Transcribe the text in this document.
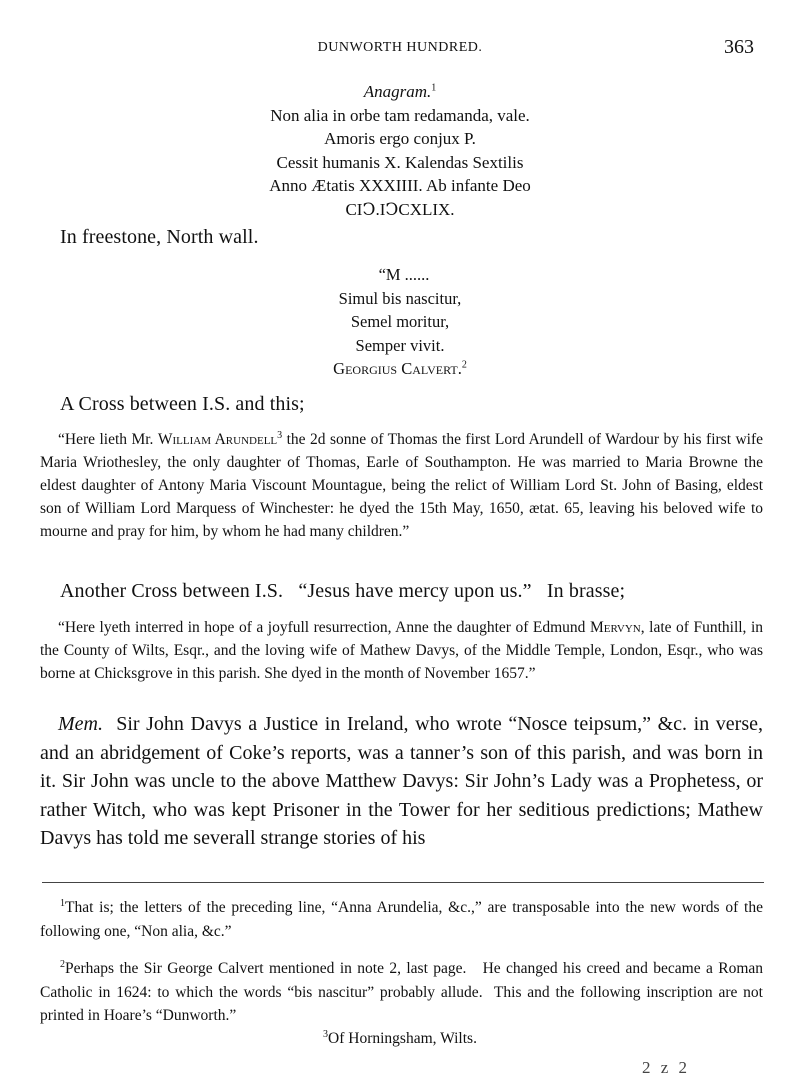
DUNWORTH HUNDRED.	363
Anagram.$^1$
Non alia in orbe tam redamanda, vale.
Amoris ergo conjux P.
Cessit humanis X. Kalendas Sextilis
Anno Ætatis XXXIIII. Ab infante Deo
CIↃ.IↃCXLIX.
In freestone, North wall.
“M ......
Simul bis nascitur,
Semel moritur,
Semper vivit.
Georgius Calvert.$^2$
A Cross between I.S. and this;
“Here lieth Mr. William Arundell$^3$ the 2d sonne of Thomas the first Lord Arundell of Wardour by his first wife Maria Wriothesley, the only daughter of Thomas, Earle of Southampton. He was married to Maria Browne the eldest daughter of Antony Maria Viscount Mountague, being the relict of William Lord St. John of Basing, eldest son of William Lord Marquess of Winchester: he dyed the 15th May, 1650, ætat. 65, leaving his beloved wife to mourne and pray for him, by whom he had many children.”
Another Cross between I.S.   “Jesus have mercy upon us.”   In brasse;
“Here lyeth interred in hope of a joyfull resurrection, Anne the daughter of Edmund Mervyn, late of Funthill, in the County of Wilts, Esqr., and the loving wife of Mathew Davys, of the Middle Temple, London, Esqr., who was borne at Chicksgrove in this parish. She dyed in the month of November 1657.”
Mem. Sir John Davys a Justice in Ireland, who wrote “Nosce teipsum,” &c. in verse, and an abridgement of Coke’s reports, was a tanner’s son of this parish, and was born in it. Sir John was uncle to the above Matthew Davys: Sir John’s Lady was a Prophetess, or rather Witch, who was kept Prisoner in the Tower for her seditious predictions; Mathew Davys has told me severall strange stories of his
$^1$That is; the letters of the preceding line, “Anna Arundelia, &c.,” are transposable into the new words of the following one, “Non alia, &c.”
$^2$Perhaps the Sir George Calvert mentioned in note 2, last page.   He changed his creed and became a Roman Catholic in 1624: to which the words “bis nascitur” probably allude.  This and the following inscription are not printed in Hoare’s “Dunworth.”
$^3$Of Horningsham, Wilts.
2 z 2
